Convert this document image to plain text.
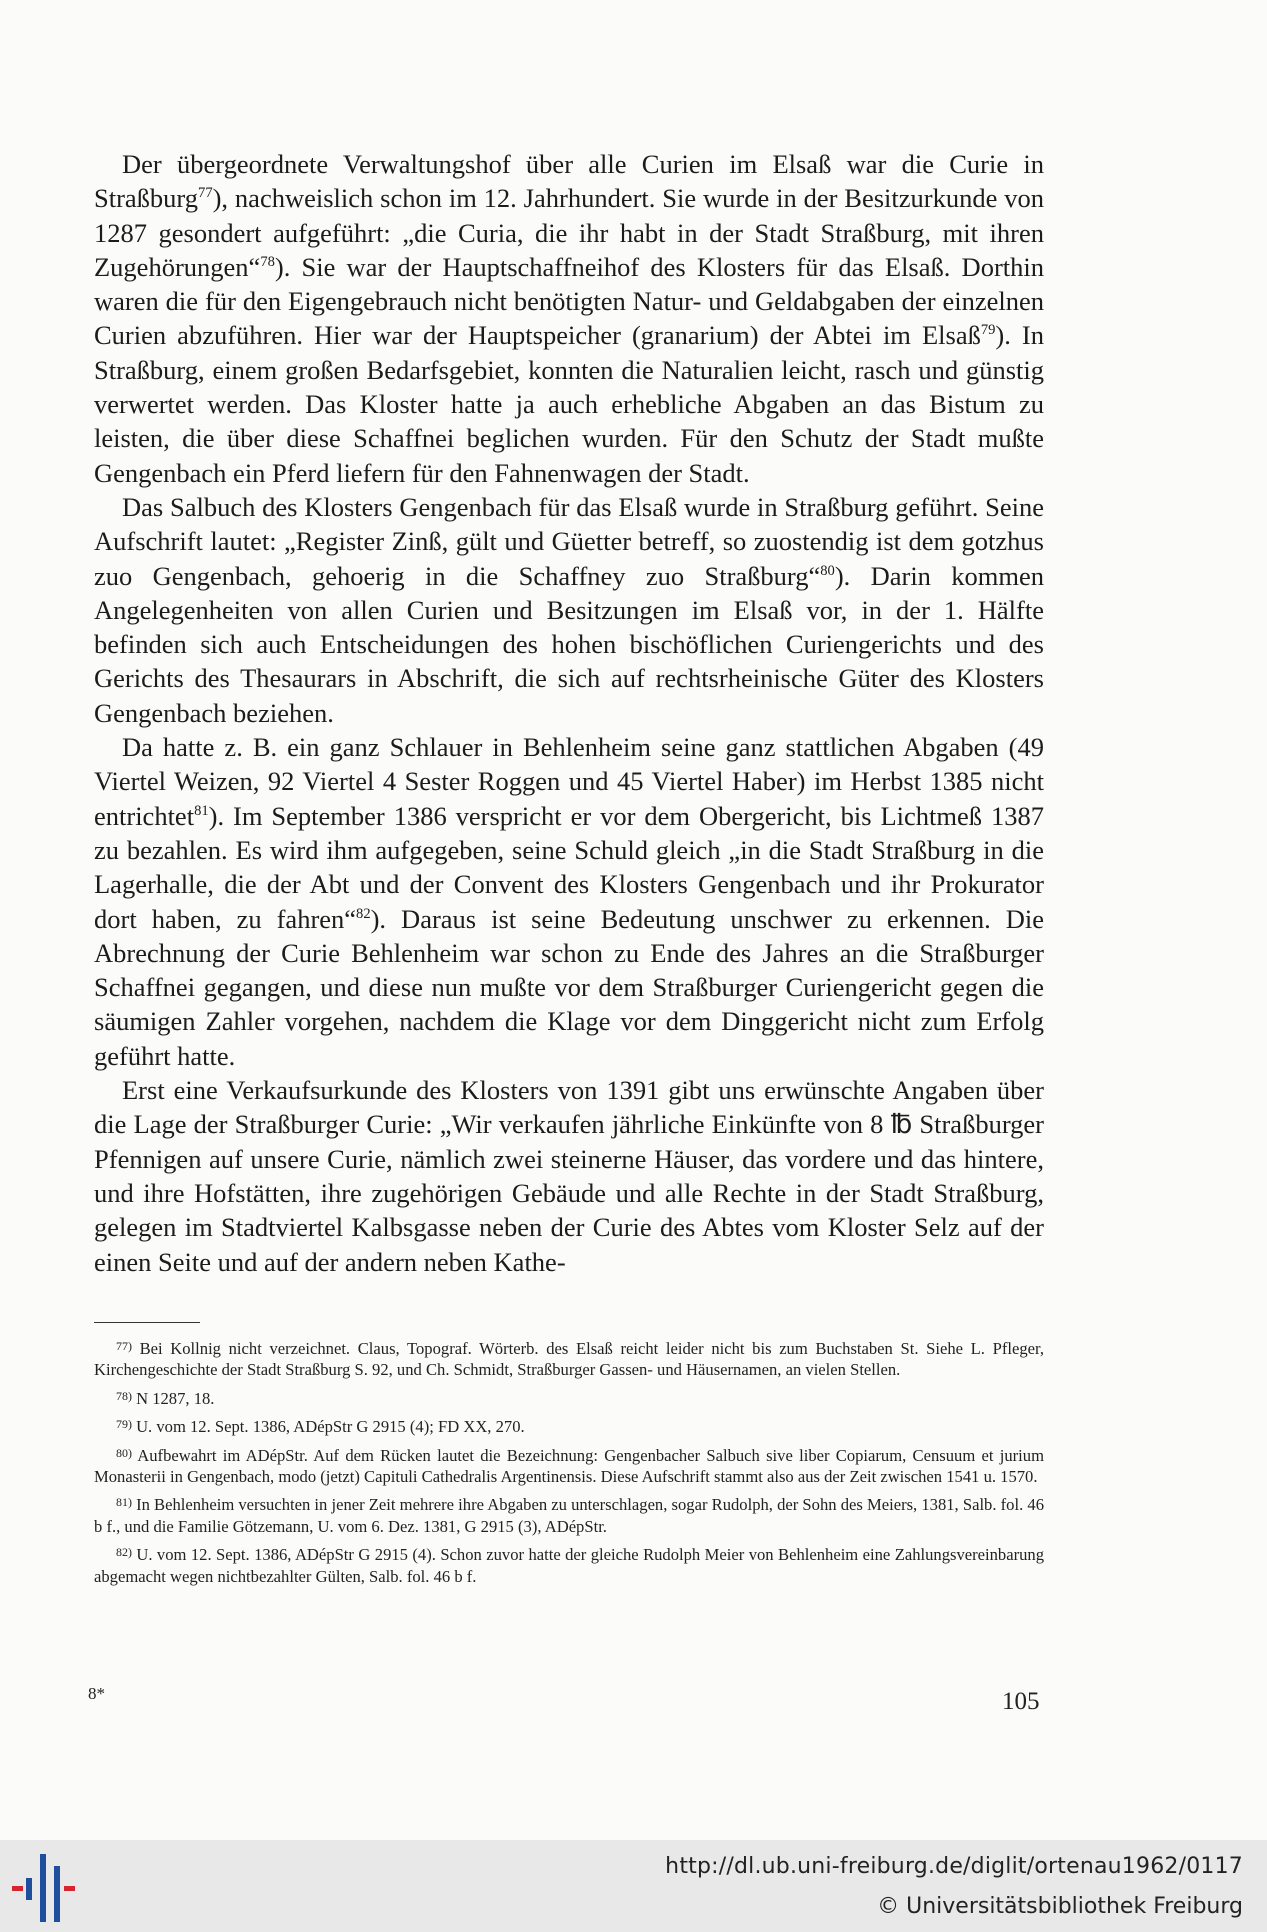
Der übergeordnete Verwaltungshof über alle Curien im Elsaß war die Curie in Straßburg$^{77}$), nachweislich schon im 12. Jahrhundert. Sie wurde in der Besitzurkunde von 1287 gesondert aufgeführt: „die Curia, die ihr habt in der Stadt Straßburg, mit ihren Zugehörungen“$^{78}$). Sie war der Hauptschaffneihof des Klosters für das Elsaß. Dorthin waren die für den Eigengebrauch nicht benötigten Natur- und Geldabgaben der einzelnen Curien abzuführen. Hier war der Hauptspeicher (granarium) der Abtei im Elsaß$^{79}$). In Straßburg, einem großen Bedarfsgebiet, konnten die Naturalien leicht, rasch und günstig verwertet werden. Das Kloster hatte ja auch erhebliche Abgaben an das Bistum zu leisten, die über diese Schaffnei beglichen wurden. Für den Schutz der Stadt mußte Gengenbach ein Pferd liefern für den Fahnenwagen der Stadt.

Das Salbuch des Klosters Gengenbach für das Elsaß wurde in Straßburg geführt. Seine Aufschrift lautet: „Register Zinß, gült und Güetter betreff, so zuostendig ist dem gotzhus zuo Gengenbach, gehoerig in die Schaffney zuo Straßburg“$^{80}$). Darin kommen Angelegenheiten von allen Curien und Besitzungen im Elsaß vor, in der 1. Hälfte befinden sich auch Entscheidungen des hohen bischöflichen Curiengerichts und des Gerichts des Thesaurars in Abschrift, die sich auf rechtsrheinische Güter des Klosters Gengenbach beziehen.

Da hatte z. B. ein ganz Schlauer in Behlenheim seine ganz stattlichen Abgaben (49 Viertel Weizen, 92 Viertel 4 Sester Roggen und 45 Viertel Haber) im Herbst 1385 nicht entrichtet$^{81}$). Im September 1386 verspricht er vor dem Obergericht, bis Lichtmeß 1387 zu bezahlen. Es wird ihm aufgegeben, seine Schuld gleich „in die Stadt Straßburg in die Lagerhalle, die der Abt und der Convent des Klosters Gengenbach und ihr Prokurator dort haben, zu fahren“$^{82}$). Daraus ist seine Bedeutung unschwer zu erkennen. Die Abrechnung der Curie Behlenheim war schon zu Ende des Jahres an die Straßburger Schaffnei gegangen, und diese nun mußte vor dem Straßburger Curiengericht gegen die säumigen Zahler vorgehen, nachdem die Klage vor dem Dinggericht nicht zum Erfolg geführt hatte.

Erst eine Verkaufsurkunde des Klosters von 1391 gibt uns erwünschte Angaben über die Lage der Straßburger Curie: „Wir verkaufen jährliche Einkünfte von 8 ℔ Straßburger Pfennigen auf unsere Curie, nämlich zwei steinerne Häuser, das vordere und das hintere, und ihre Hofstätten, ihre zugehörigen Gebäude und alle Rechte in der Stadt Straßburg, gelegen im Stadtviertel Kalbsgasse neben der Curie des Abtes vom Kloster Selz auf der einen Seite und auf der andern neben Kathe-

$^{77)}$ Bei Kollnig nicht verzeichnet. Claus, Topograf. Wörterb. des Elsaß reicht leider nicht bis zum Buchstaben St. Siehe L. Pfleger, Kirchengeschichte der Stadt Straßburg S. 92, und Ch. Schmidt, Straßburger Gassen- und Häusernamen, an vielen Stellen.

$^{78)}$ N 1287, 18.

$^{79)}$ U. vom 12. Sept. 1386, ADépStr G 2915 (4); FD XX, 270.

$^{80)}$ Aufbewahrt im ADépStr. Auf dem Rücken lautet die Bezeichnung: Gengenbacher Salbuch sive liber Copiarum, Censuum et jurium Monasterii in Gengenbach, modo (jetzt) Capituli Cathedralis Argentinensis. Diese Aufschrift stammt also aus der Zeit zwischen 1541 u. 1570.

$^{81)}$ In Behlenheim versuchten in jener Zeit mehrere ihre Abgaben zu unterschlagen, sogar Rudolph, der Sohn des Meiers, 1381, Salb. fol. 46 b f., und die Familie Götzemann, U. vom 6. Dez. 1381, G 2915 (3), ADépStr.

$^{82)}$ U. vom 12. Sept. 1386, ADépStr G 2915 (4). Schon zuvor hatte der gleiche Rudolph Meier von Behlenheim eine Zahlungsvereinbarung abgemacht wegen nichtbezahlter Gülten, Salb. fol. 46 b f.

8*	105
http://dl.ub.uni-freiburg.de/diglit/ortenau1962/0117
© Universitätsbibliothek Freiburg
